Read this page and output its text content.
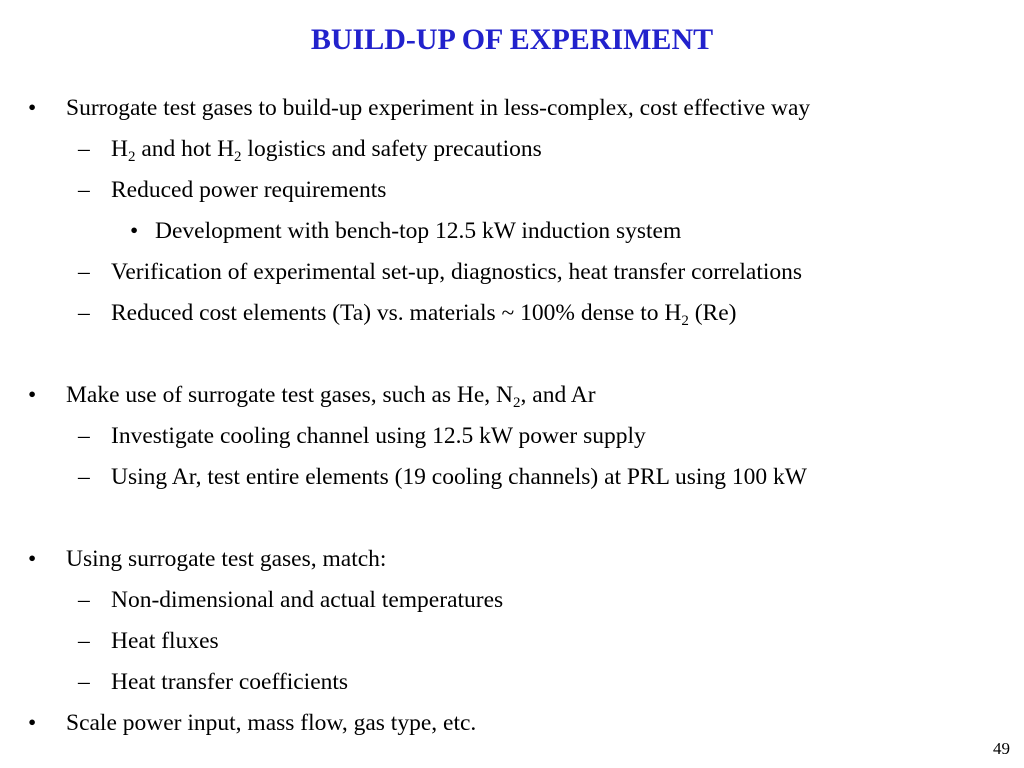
BUILD-UP OF EXPERIMENT
• Surrogate test gases to build-up experiment in less-complex, cost effective way
– $H_2$ and hot $H_2$ logistics and safety precautions
– Reduced power requirements
• Development with bench-top 12.5 kW induction system
– Verification of experimental set-up, diagnostics, heat transfer correlations
– Reduced cost elements (Ta) vs. materials ~ 100% dense to $H_2$ (Re)
• Make use of surrogate test gases, such as He, $N_2$, and Ar
– Investigate cooling channel using 12.5 kW power supply
– Using Ar, test entire elements (19 cooling channels) at PRL using 100 kW
• Using surrogate test gases, match:
– Non-dimensional and actual temperatures
– Heat fluxes
– Heat transfer coefficients
• Scale power input, mass flow, gas type, etc.
49
